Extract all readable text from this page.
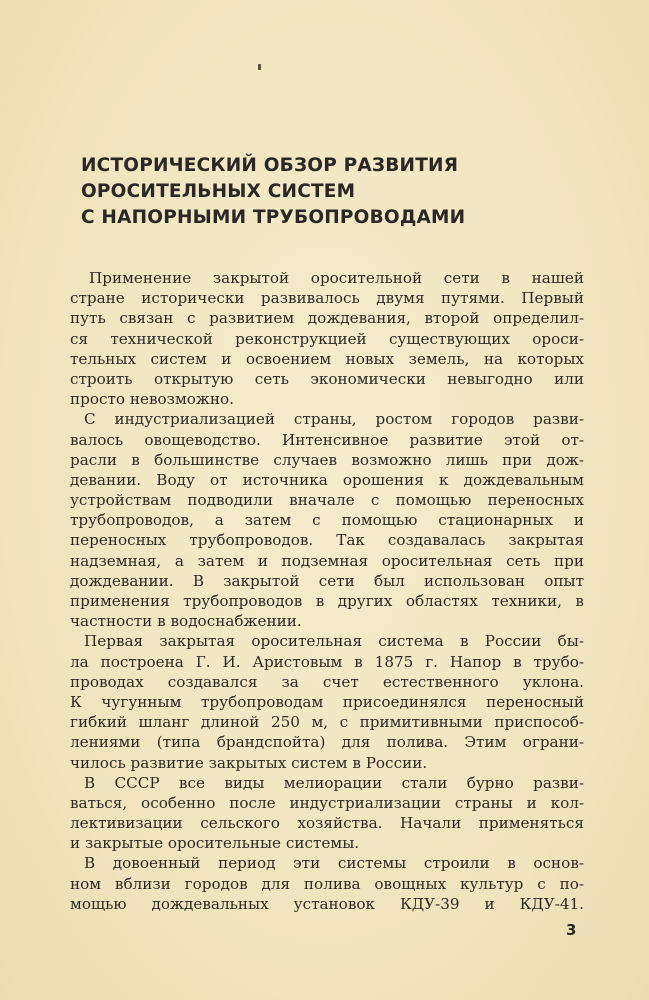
ИСТОРИЧЕСКИЙ ОБЗОР РАЗВИТИЯ
ОРОСИТЕЛЬНЫХ СИСТЕМ
С НАПОРНЫМИ ТРУБОПРОВОДАМИ
Применение закрытой оросительной сети в нашей
стране исторически развивалось двумя путями. Первый
путь связан с развитием дождевания, второй определил-
ся технической реконструкцией существующих ороси-
тельных систем и освоением новых земель, на которых
строить открытую сеть экономически невыгодно или
просто невозможно.
С индустриализацией страны, ростом городов разви-
валось овощеводство. Интенсивное развитие этой от-
расли в большинстве случаев возможно лишь при дож-
девании. Воду от источника орошения к дождевальным
устройствам подводили вначале с помощью переносных
трубопроводов, а затем с помощью стационарных и
переносных трубопроводов. Так создавалась закрытая
надземная, а затем и подземная оросительная сеть при
дождевании. В закрытой сети был использован опыт
применения трубопроводов в других областях техники, в
частности в водоснабжении.
Первая закрытая оросительная система в России бы-
ла построена Г. И. Аристовым в 1875 г. Напор в трубо-
проводах создавался за счет естественного уклона.
К чугунным трубопроводам присоединялся переносный
гибкий шланг длиной 250 м, с примитивными приспособ-
лениями (типа брандспойта) для полива. Этим ограни-
чилось развитие закрытых систем в России.
В СССР все виды мелиорации стали бурно разви-
ваться, особенно после индустриализации страны и кол-
лективизации сельского хозяйства. Начали применяться
и закрытые оросительные системы.
В довоенный период эти системы строили в основ-
ном вблизи городов для полива овощных культур с по-
мощью дождевальных установок КДУ-39 и КДУ-41.
3
